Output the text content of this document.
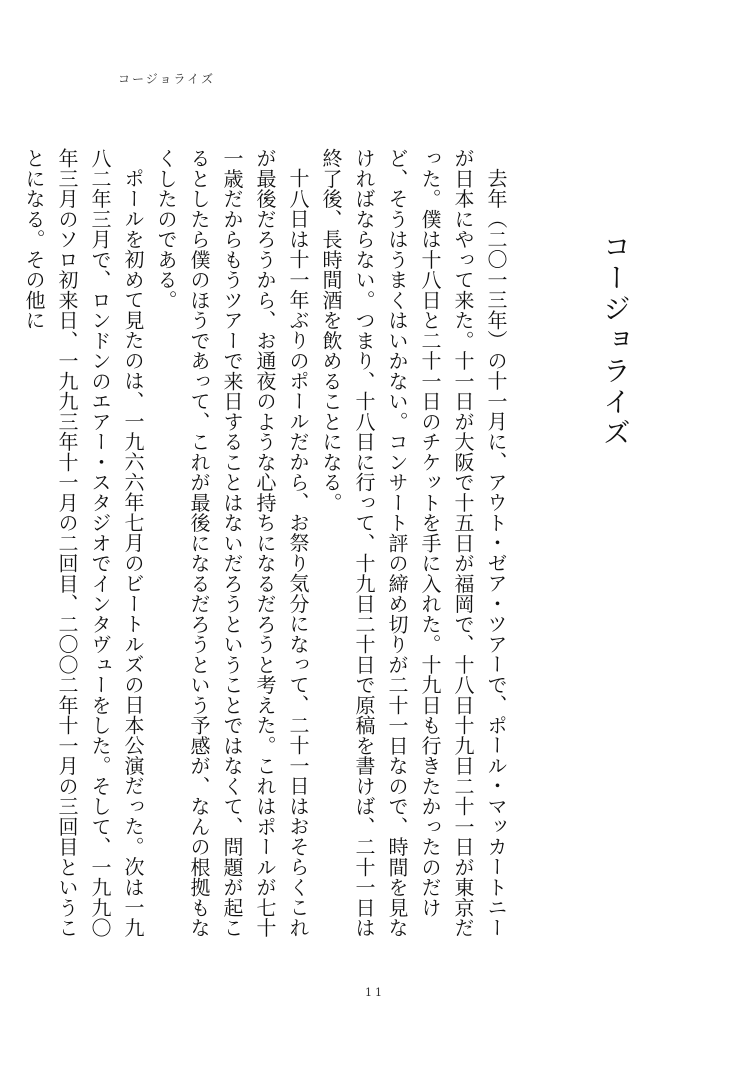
コージョライズ
コージョライズ

去年（二〇一三年）の十一月に、アウト・ゼア・ツアーで、ポール・マッカートニーが日本にやって来た。十一日が大阪で十五日が福岡で、十八日十九日二十一日が東京だった。僕は十八日と二十一日のチケットを手に入れた。十九日も行きたかったのだけど、そうはうまくはいかない。コンサート評の締め切りが二十一日なので、時間を見なければならない。つまり、十八日に行って、十九日二十日で原稿を書けば、二十一日は終了後、長時間酒を飲めることになる。

十八日は十一年ぶりのポールだから、お祭り気分になって、二十一日はおそらくこれが最後だろうから、お通夜のような心持ちになるだろうと考えた。これはポールが七十一歳だからもうツアーで来日することはないだろうということではなくて、問題が起こるとしたら僕のほうであって、これが最後になるだろうという予感が、なんの根拠もなくしたのである。

ポールを初めて見たのは、一九六六年七月のビートルズの日本公演だった。次は一九八二年三月で、ロンドンのエアー・スタジオでインタヴューをした。そして、一九九〇年三月のソロ初来日、一九九三年十一月の二回目、二〇〇二年十一月の三回目ということになる。その他に

11
